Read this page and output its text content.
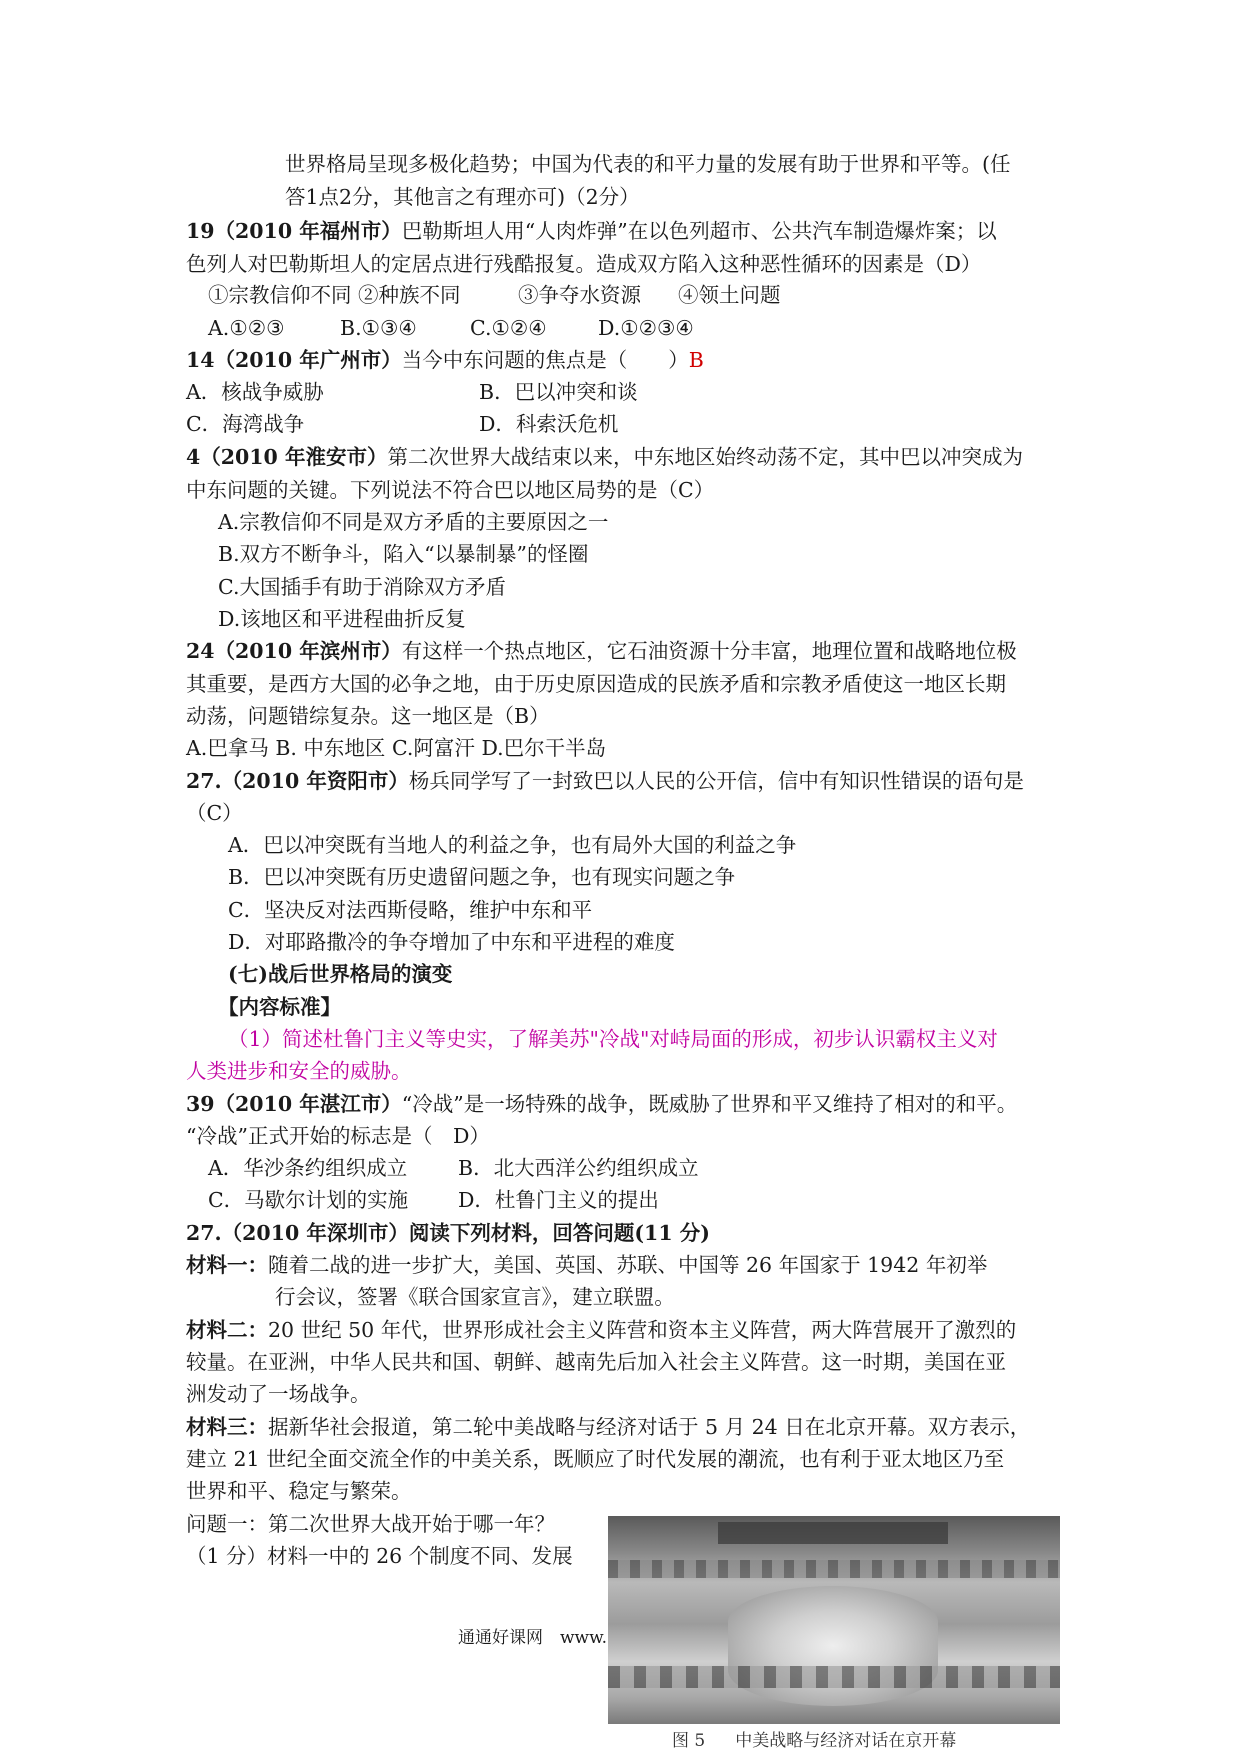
世界格局呈现多极化趋势；中国为代表的和平力量的发展有助于世界和平等。(任
答1点2分，其他言之有理亦可)（2分）
19（2010 年福州市）巴勒斯坦人用“人肉炸弹”在以色列超市、公共汽车制造爆炸案；以
色列人对巴勒斯坦人的定居点进行残酷报复。造成双方陷入这种恶性循环的因素是（D）
①宗教信仰不同 ②种族不同	③争夺水资源 ④领土问题
A.①②③	B.①③④	C.①②④	D.①②③④
14（2010 年广州市）当今中东问题的焦点是（　　）B
A．核战争威胁	B．巴以冲突和谈
C．海湾战争	D．科索沃危机
4（2010 年淮安市）第二次世界大战结束以来，中东地区始终动荡不定，其中巴以冲突成为
中东问题的关键。下列说法不符合巴以地区局势的是（C）
A.宗教信仰不同是双方矛盾的主要原因之一
B.双方不断争斗，陷入“以暴制暴”的怪圈
C.大国插手有助于消除双方矛盾
D.该地区和平进程曲折反复
24（2010 年滨州市）有这样一个热点地区，它石油资源十分丰富，地理位置和战略地位极
其重要，是西方大国的必争之地，由于历史原因造成的民族矛盾和宗教矛盾使这一地区长期
动荡，问题错综复杂。这一地区是（B）
A.巴拿马 B. 中东地区 C.阿富汗 D.巴尔干半岛
27.（2010 年资阳市）杨兵同学写了一封致巴以人民的公开信，信中有知识性错误的语句是
（C）
A．巴以冲突既有当地人的利益之争，也有局外大国的利益之争
B．巴以冲突既有历史遗留问题之争，也有现实问题之争
C．坚决反对法西斯侵略，维护中东和平
D．对耶路撒冷的争夺增加了中东和平进程的难度
(七)战后世界格局的演变
【内容标准】
（1）简述杜鲁门主义等史实，了解美苏"冷战"对峙局面的形成，初步认识霸权主义对
人类进步和安全的威胁。
39（2010 年湛江市）“冷战”是一场特殊的战争，既威胁了世界和平又维持了相对的和平。
“冷战”正式开始的标志是（　D）
A．华沙条约组织成立 B．北大西洋公约组织成立
C．马歇尔计划的实施 D．杜鲁门主义的提出
27.（2010 年深圳市）阅读下列材料，回答问题(11 分)
材料一：随着二战的进一步扩大，美国、英国、苏联、中国等 26 年国家于 1942 年初举
行会议，签署《联合国家宣言》，建立联盟。
材料二：20 世纪 50 年代，世界形成社会主义阵营和资本主义阵营，两大阵营展开了激烈的
较量。在亚洲，中华人民共和国、朝鲜、越南先后加入社会主义阵营。这一时期，美国在亚
洲发动了一场战争。
材料三：据新华社会报道，第二轮中美战略与经济对话于 5 月 24 日在北京开幕。双方表示，
建立 21 世纪全面交流全作的中美关系，既顺应了时代发展的潮流，也有利于亚太地区乃至
世界和平、稳定与繁荣。
问题一：第二次世界大战开始于哪一年？
（1 分）材料一中的 26 个制度不同、发展
通通好课网　www.
图 5 中美战略与经济对话在京开幕
